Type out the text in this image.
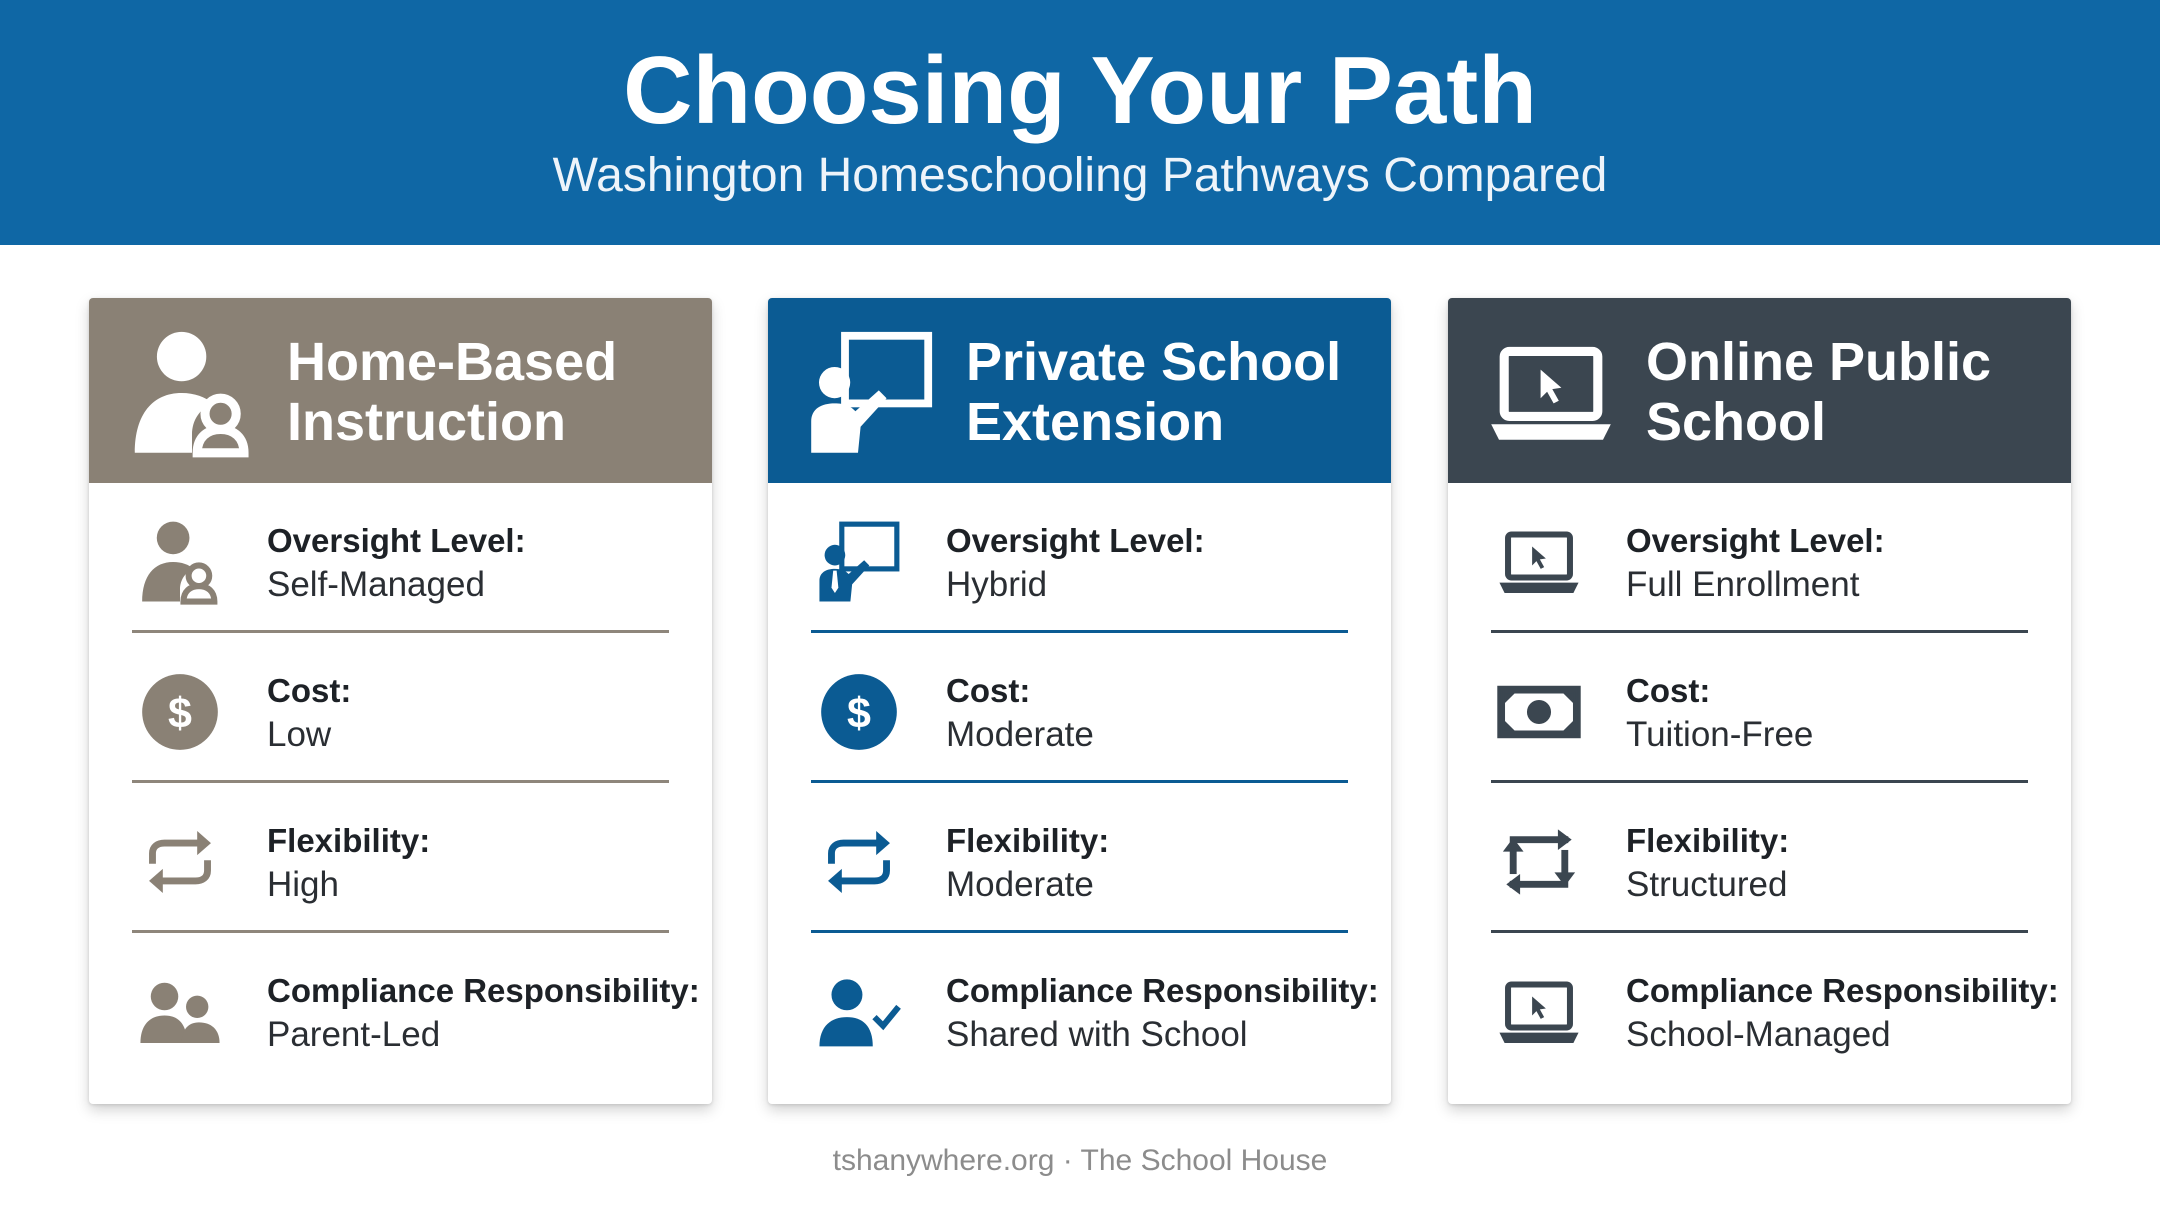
Choosing Your Path
Washington Homeschooling Pathways Compared
Home-Based
Instruction
Oversight Level:
Self-Managed
Cost:
Low
Flexibility:
High
Compliance Responsibility:
Parent-Led
Private School
Extension
Oversight Level:
Hybrid
Cost:
Moderate
Flexibility:
Moderate
Compliance Responsibility:
Shared with School
Online Public
School
Oversight Level:
Full Enrollment
Cost:
Tuition-Free
Flexibility:
Structured
Compliance Responsibility:
School-Managed
tshanywhere.org · The School House
